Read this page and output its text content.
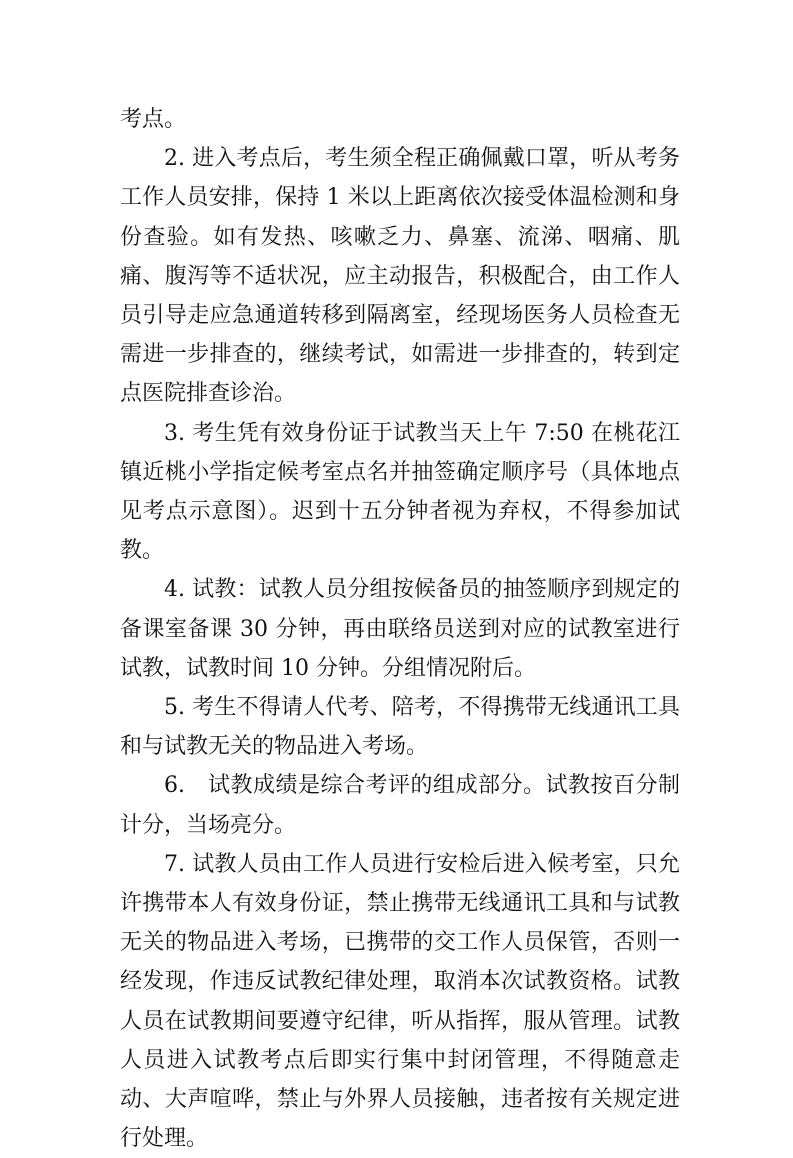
考点。

2. 进入考点后，考生须全程正确佩戴口罩，听从考务工作人员安排，保持 1 米以上距离依次接受体温检测和身份查验。如有发热、咳嗽乏力、鼻塞、流涕、咽痛、肌痛、腹泻等不适状况，应主动报告，积极配合，由工作人员引导走应急通道转移到隔离室，经现场医务人员检查无需进一步排查的，继续考试，如需进一步排查的，转到定点医院排查诊治。

3. 考生凭有效身份证于试教当天上午 7:50 在桃花江镇近桃小学指定候考室点名并抽签确定顺序号（具体地点见考点示意图）。迟到十五分钟者视为弃权，不得参加试教。

4. 试教：试教人员分组按候备员的抽签顺序到规定的备课室备课 30 分钟，再由联络员送到对应的试教室进行试教，试教时间 10 分钟。分组情况附后。

5. 考生不得请人代考、陪考，不得携带无线通讯工具和与试教无关的物品进入考场。

6.　试教成绩是综合考评的组成部分。试教按百分制计分，当场亮分。

7. 试教人员由工作人员进行安检后进入候考室，只允许携带本人有效身份证，禁止携带无线通讯工具和与试教无关的物品进入考场，已携带的交工作人员保管，否则一经发现，作违反试教纪律处理，取消本次试教资格。试教人员在试教期间要遵守纪律，听从指挥，服从管理。试教人员进入试教考点后即实行集中封闭管理，不得随意走动、大声喧哗，禁止与外界人员接触，违者按有关规定进行处理。
